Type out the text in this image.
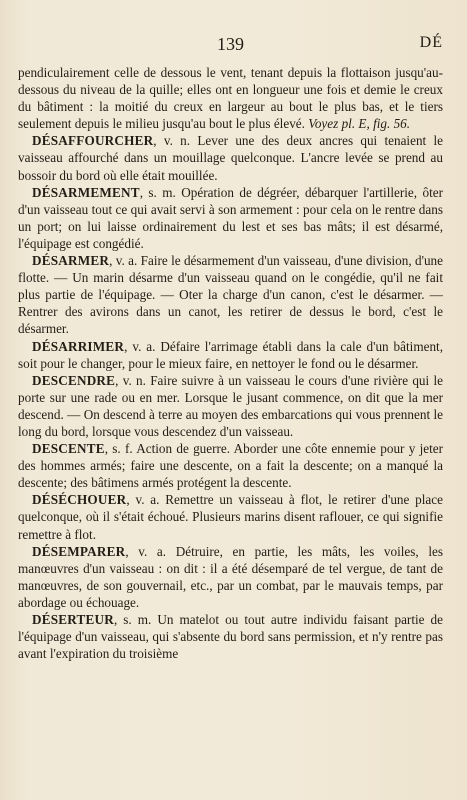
139	DÉ

pendiculairement celle de dessous le vent, tenant depuis la flottaison jusqu'au-dessous du niveau de la quille; elles ont en longueur une fois et demie le creux du bâtiment : la moitié du creux en largeur au bout le plus bas, et le tiers seulement depuis le milieu jusqu'au bout le plus élevé. Voyez pl. E, fig. 56.

DÉSAFFOURCHER, v. n. Lever une des deux ancres qui tenaient le vaisseau affourché dans un mouillage quelconque. L'ancre levée se prend au bossoir du bord où elle était mouillée.

DÉSARMEMENT, s. m. Opération de dégréer, débarquer l'artillerie, ôter d'un vaisseau tout ce qui avait servi à son armement : pour cela on le rentre dans un port; on lui laisse ordinairement du lest et ses bas mâts; il est désarmé, l'équipage est congédié.

DÉSARMER, v. a. Faire le désarmement d'un vaisseau, d'une division, d'une flotte. — Un marin désarme d'un vaisseau quand on le congédie, qu'il ne fait plus partie de l'équipage. — Oter la charge d'un canon, c'est le désarmer. — Rentrer des avirons dans un canot, les retirer de dessus le bord, c'est le désarmer.

DÉSARRIMER, v. a. Défaire l'arrimage établi dans la cale d'un bâtiment, soit pour le changer, pour le mieux faire, en nettoyer le fond ou le désarmer.

DESCENDRE, v. n. Faire suivre à un vaisseau le cours d'une rivière qui le porte sur une rade ou en mer. Lorsque le jusant commence, on dit que la mer descend. — On descend à terre au moyen des embarcations qui vous prennent le long du bord, lorsque vous descendez d'un vaisseau.

DESCENTE, s. f. Action de guerre. Aborder une côte ennemie pour y jeter des hommes armés; faire une descente, on a fait la descente; on a manqué la descente; des bâtimens armés protégent la descente.

DÉSÉCHOUER, v. a. Remettre un vaisseau à flot, le retirer d'une place quelconque, où il s'était échoué. Plusieurs marins disent raflouer, ce qui signifie remettre à flot.

DÉSEMPARER, v. a. Détruire, en partie, les mâts, les voiles, les manœuvres d'un vaisseau : on dit : il a été désemparé de tel vergue, de tant de manœuvres, de son gouvernail, etc., par un combat, par le mauvais temps, par abordage ou échouage.

DÉSERTEUR, s. m. Un matelot ou tout autre individu faisant partie de l'équipage d'un vaisseau, qui s'absente du bord sans permission, et n'y rentre pas avant l'expiration du troisième
